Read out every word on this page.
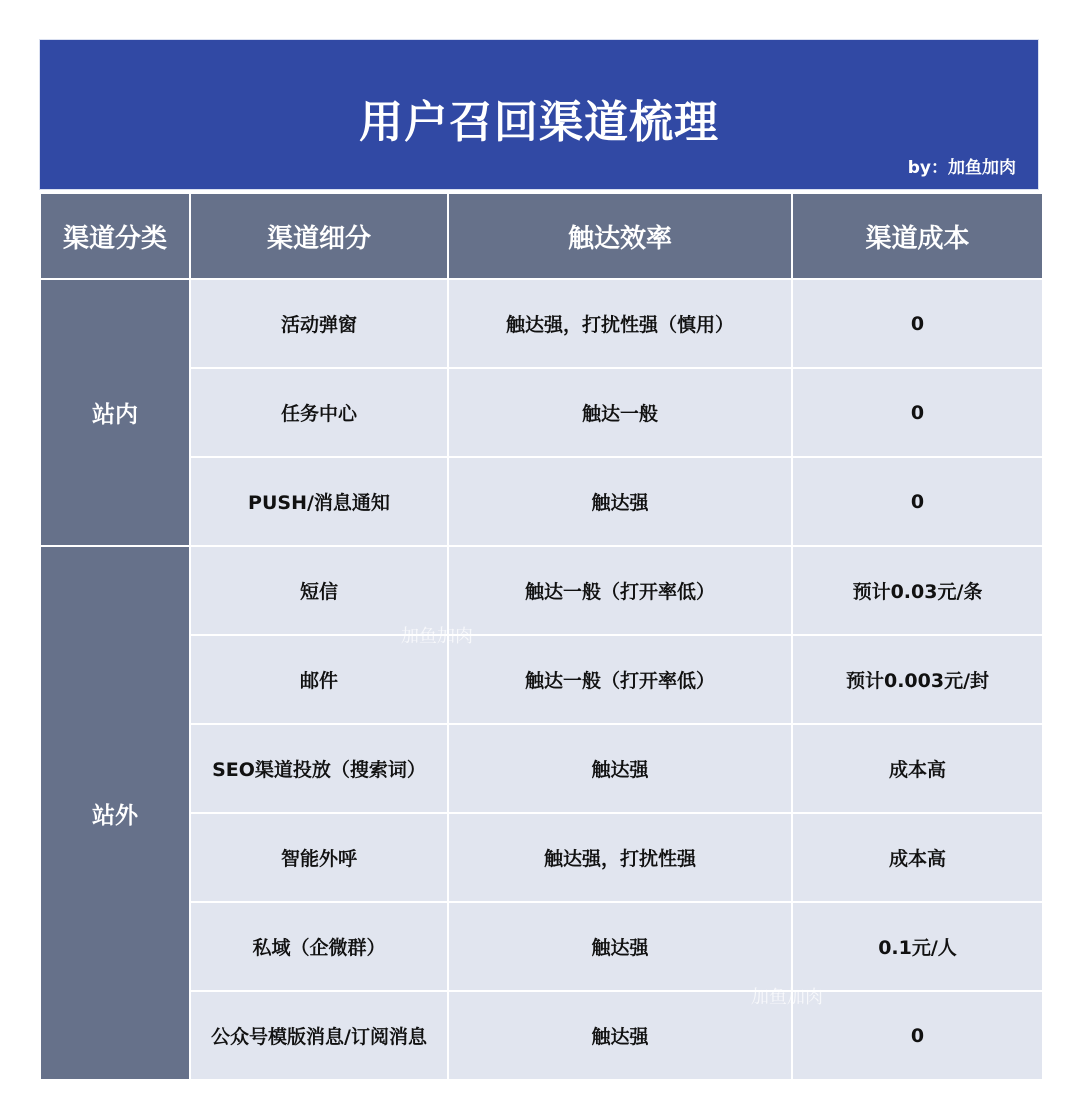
用户召回渠道梳理
by：加鱼加肉
渠道分类	渠道细分	触达效率	渠道成本
站内
活动弹窗	触达强，打扰性强（慎用）	0
任务中心	触达一般	0
PUSH/消息通知	触达强	0
站外
短信	触达一般（打开率低）	预计0.03元/条
邮件	触达一般（打开率低）	预计0.003元/封
SEO渠道投放（搜索词）	触达强	成本高
智能外呼	触达强，打扰性强	成本高
私域（企微群）	触达强	0.1元/人
公众号模版消息/订阅消息	触达强	0
加鱼加肉
加鱼加肉
